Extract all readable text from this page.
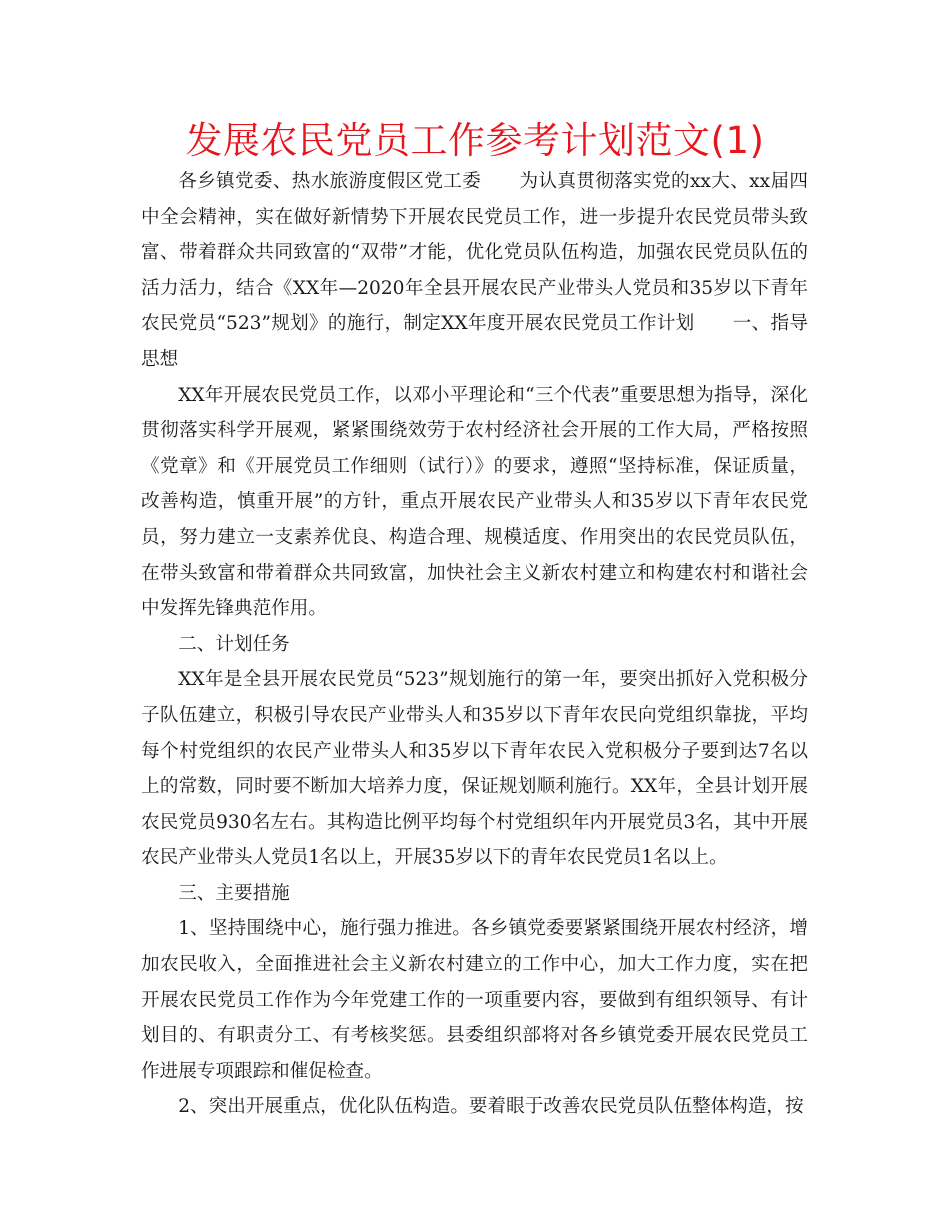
发展农民党员工作参考计划范文(1)

各乡镇党委、热水旅游度假区党工委 为认真贯彻落实党的xx大、xx届四中全会精神，实在做好新情势下开展农民党员工作，进一步提升农民党员带头致富、带着群众共同致富的“双带”才能，优化党员队伍构造，加强农民党员队伍的活力活力，结合《XX年—2020年全县开展农民产业带头人党员和35岁以下青年农民党员“523”规划》的施行，制定XX年度开展农民党员工作计划 一、指导思想

XX年开展农民党员工作，以邓小平理论和“三个代表”重要思想为指导，深化贯彻落实科学开展观，紧紧围绕效劳于农村经济社会开展的工作大局，严格按照《党章》和《开展党员工作细则（试行）》的要求，遵照“坚持标准，保证质量，改善构造，慎重开展”的方针，重点开展农民产业带头人和35岁以下青年农民党员，努力建立一支素养优良、构造合理、规模适度、作用突出的农民党员队伍，在带头致富和带着群众共同致富，加快社会主义新农村建立和构建农村和谐社会中发挥先锋典范作用。

二、计划任务

XX年是全县开展农民党员“523”规划施行的第一年，要突出抓好入党积极分子队伍建立，积极引导农民产业带头人和35岁以下青年农民向党组织靠拢，平均每个村党组织的农民产业带头人和35岁以下青年农民入党积极分子要到达7名以上的常数，同时要不断加大培养力度，保证规划顺利施行。XX年，全县计划开展农民党员930名左右。其构造比例平均每个村党组织年内开展党员3名，其中开展农民产业带头人党员1名以上，开展35岁以下的青年农民党员1名以上。

三、主要措施

1、坚持围绕中心，施行强力推进。各乡镇党委要紧紧围绕开展农村经济，增加农民收入，全面推进社会主义新农村建立的工作中心，加大工作力度，实在把开展农民党员工作作为今年党建工作的一项重要内容，要做到有组织领导、有计划目的、有职责分工、有考核奖惩。县委组织部将对各乡镇党委开展农民党员工作进展专项跟踪和催促检查。

2、突出开展重点，优化队伍构造。要着眼于改善农民党员队伍整体构造，按
